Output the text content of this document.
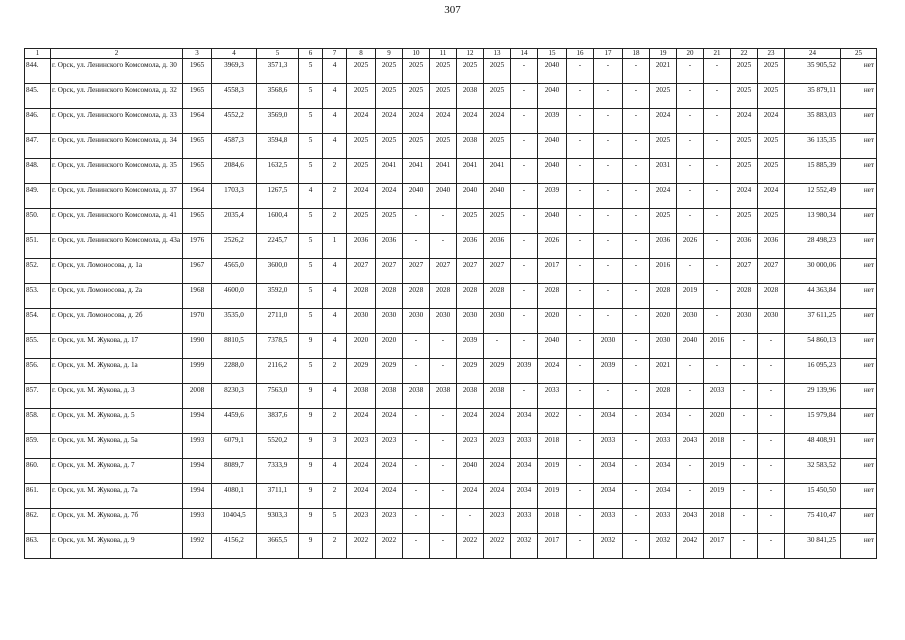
307
1	2	3	4	5	6	7	8	9	10	11	12	13	14	15	16	17	18	19	20	21	22	23	24	25
844.	г. Орск, ул. Ленинского Комсомола, д. 30	1965	3969,3	3571,3	5	4	2025	2025	2025	2025	2025	2025	-	2040	-	-	-	2021	-	-	2025	2025	35 905,52	нет
845.	г. Орск, ул. Ленинского Комсомола, д. 32	1965	4558,3	3568,6	5	4	2025	2025	2025	2025	2038	2025	-	2040	-	-	-	2025	-	-	2025	2025	35 879,11	нет
846.	г. Орск, ул. Ленинского Комсомола, д. 33	1964	4552,2	3569,0	5	4	2024	2024	2024	2024	2024	2024	-	2039	-	-	-	2024	-	-	2024	2024	35 883,03	нет
847.	г. Орск, ул. Ленинского Комсомола, д. 34	1965	4587,3	3594,8	5	4	2025	2025	2025	2025	2038	2025	-	2040	-	-	-	2025	-	-	2025	2025	36 135,35	нет
848.	г. Орск, ул. Ленинского Комсомола, д. 35	1965	2084,6	1632,5	5	2	2025	2041	2041	2041	2041	2041	-	2040	-	-	-	2031	-	-	2025	2025	15 885,39	нет
849.	г. Орск, ул. Ленинского Комсомола, д. 37	1964	1703,3	1267,5	4	2	2024	2024	2040	2040	2040	2040	-	2039	-	-	-	2024	-	-	2024	2024	12 552,49	нет
850.	г. Орск, ул. Ленинского Комсомола, д. 41	1965	2035,4	1600,4	5	2	2025	2025	-	-	2025	2025	-	2040	-	-	-	2025	-	-	2025	2025	13 980,34	нет
851.	г. Орск, ул. Ленинского Комсомола, д. 43а	1976	2526,2	2245,7	5	1	2036	2036	-	-	2036	2036	-	2026	-	-	-	2036	2026	-	2036	2036	28 498,23	нет
852.	г. Орск, ул. Ломоносова, д. 1а	1967	4565,0	3600,0	5	4	2027	2027	2027	2027	2027	2027	-	2017	-	-	-	2016	-	-	2027	2027	30 000,06	нет
853.	г. Орск, ул. Ломоносова, д. 2а	1968	4600,0	3592,0	5	4	2028	2028	2028	2028	2028	2028	-	2028	-	-	-	2028	2019	-	2028	2028	44 363,84	нет
854.	г. Орск, ул. Ломоносова, д. 2б	1970	3535,0	2711,0	5	4	2030	2030	2030	2030	2030	2030	-	2020	-	-	-	2020	2030	-	2030	2030	37 611,25	нет
855.	г. Орск, ул. М. Жукова, д. 17	1990	8810,5	7378,5	9	4	2020	2020	-	-	2039	-	-	2040	-	2030	-	2030	2040	2016	-	-	54 860,13	нет
856.	г. Орск, ул. М. Жукова, д. 1а	1999	2288,0	2116,2	5	2	2029	2029	-	-	2029	2029	2039	2024	-	2039	-	2021	-	-	-	-	16 095,23	нет
857.	г. Орск, ул. М. Жукова, д. 3	2008	8230,3	7563,0	9	4	2038	2038	2038	2038	2038	2038	-	2033	-	-	-	2028	-	2033	-	-	29 139,96	нет
858.	г. Орск, ул. М. Жукова, д. 5	1994	4459,6	3837,6	9	2	2024	2024	-	-	2024	2024	2034	2022	-	2034	-	2034	-	2020	-	-	15 979,84	нет
859.	г. Орск, ул. М. Жукова, д. 5а	1993	6079,1	5520,2	9	3	2023	2023	-	-	2023	2023	2033	2018	-	2033	-	2033	2043	2018	-	-	48 408,91	нет
860.	г. Орск, ул. М. Жукова, д. 7	1994	8089,7	7333,9	9	4	2024	2024	-	-	2040	2024	2034	2019	-	2034	-	2034	-	2019	-	-	32 583,52	нет
861.	г. Орск, ул. М. Жукова, д. 7а	1994	4080,1	3711,1	9	2	2024	2024	-	-	2024	2024	2034	2019	-	2034	-	2034	-	2019	-	-	15 450,50	нет
862.	г. Орск, ул. М. Жукова, д. 7б	1993	10404,5	9303,3	9	5	2023	2023	-	-	-	2023	2033	2018	-	2033	-	2033	2043	2018	-	-	75 410,47	нет
863.	г. Орск, ул. М. Жукова, д. 9	1992	4156,2	3665,5	9	2	2022	2022	-	-	2022	2022	2032	2017	-	2032	-	2032	2042	2017	-	-	30 841,25	нет
